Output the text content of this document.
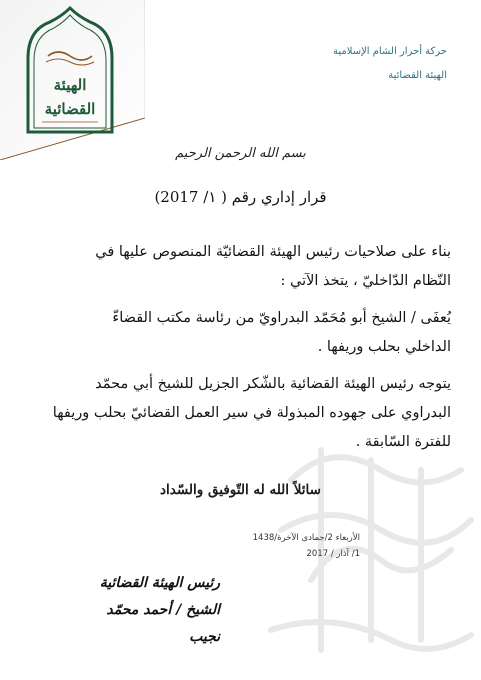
الهيئة
القضائية
حركة أحرار الشام الإسلامية
الهيئة القضائية
بسم الله الرحمن الرحيم
قرار إداري رقم ( ١/ 2017)

بناء على صلاحيات رئيس الهيئة القضائيّة المنصوص عليها في

النّظام الدّاخليّ ، يتخذ الآتي :

يُعفَى / الشيخ أبو مُحَمّد البدراويّ من رئاسة مكتب القضاءّ

الداخلي بحلب وريفها .

يتوجه رئيس الهيئة القضائية بالشّكر الجزيل للشيخ أبي محمّد

البدراوي على جهوده المبذولة في سير العمل القضائيّ بحلب وريفها

للفترة السّابقة .

سائلاً الله له التّوفيق والسّداد
الأربعاء 2/جمادى الآخرة/1438
1/ آذار / 2017
رئيس الهيئة القضائية
الشيخ / أحمد محمّد نجيب
